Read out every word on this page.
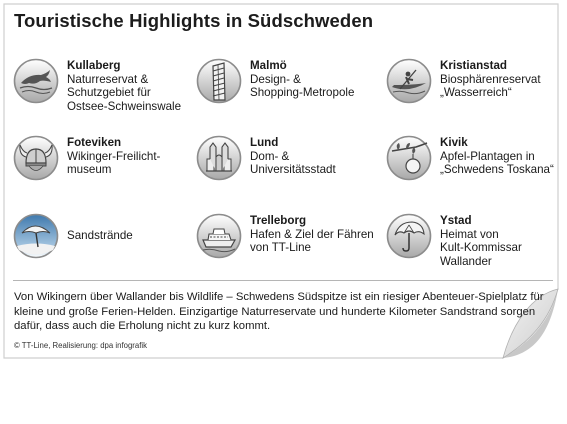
Touristische Highlights in Südschweden
Kullaberg
Naturreservat &
Schutzgebiet für
Ostsee-Schweinswale
Malmö
Design- &
Shopping-Metropole
Kristianstad
Biosphärenreservat
„Wasserreich“
Foteviken
Wikinger-Freilicht-
museum
Lund
Dom- &
Universitätsstadt
Kivik
Apfel-Plantagen in
„Schwedens Toskana“
Sandstrände
Trelleborg
Hafen & Ziel der Fähren
von TT-Line
Ystad
Heimat von
Kult-Kommissar
Wallander

Von Wikingern über Wallander bis Wildlife – Schwedens Südspitze ist ein riesiger Abenteuer-Spielplatz für kleine und große Ferien-Helden. Einzigartige Naturreservate und hunderte Kilometer Sandstrand sorgen dafür, dass auch die Erholung nicht zu kurz kommt.

© TT-Line, Realisierung: dpa infografik
